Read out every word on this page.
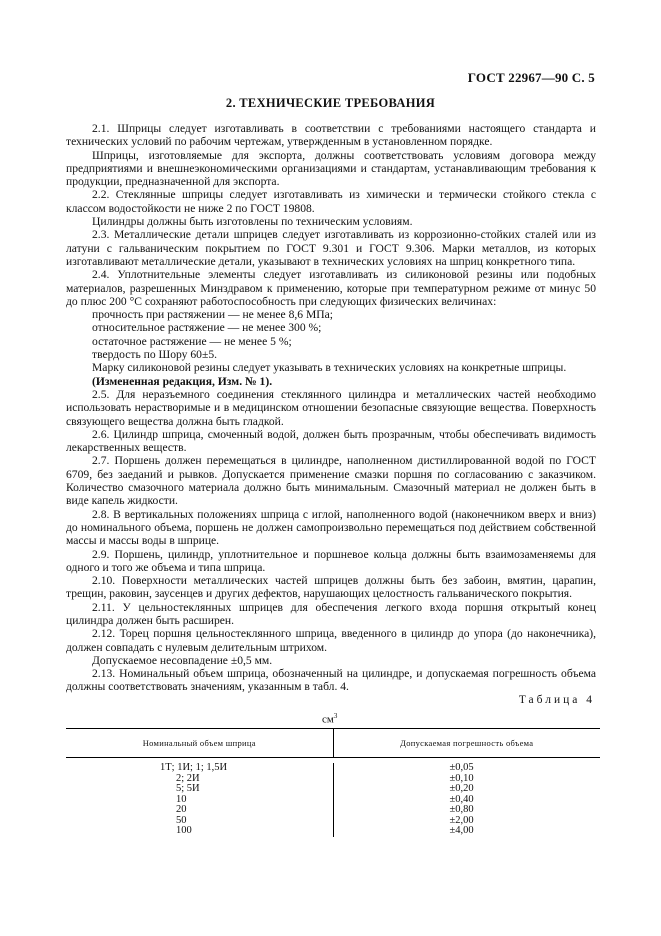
ГОСТ 22967—90 С. 5
2. ТЕХНИЧЕСКИЕ ТРЕБОВАНИЯ

2.1. Шприцы следует изготавливать в соответствии с требованиями настоящего стандарта и технических условий по рабочим чертежам, утвержденным в установленном порядке.

Шприцы, изготовляемые для экспорта, должны соответствовать условиям договора между предприятиями и внешнеэкономическими организациями и стандартам, устанавливающим требования к продукции, предназначенной для экспорта.

2.2. Стеклянные шприцы следует изготавливать из химически и термически стойкого стекла с классом водостойкости не ниже 2 по ГОСТ 19808.

Цилиндры должны быть изготовлены по техническим условиям.

2.3. Металлические детали шприцев следует изготавливать из коррозионно-стойких сталей или из латуни с гальваническим покрытием по ГОСТ 9.301 и ГОСТ 9.306. Марки металлов, из которых изготавливают металлические детали, указывают в технических условиях на шприц конкретного типа.

2.4. Уплотнительные элементы следует изготавливать из силиконовой резины или подобных материалов, разрешенных Минздравом к применению, которые при температурном режиме от минус 50 до плюс 200 °С сохраняют работоспособность при следующих физических величинах:

прочность при растяжении — не менее 8,6 МПа;

относительное растяжение — не менее 300 %;

остаточное растяжение — не менее 5 %;

твердость по Шору 60±5.

Марку силиконовой резины следует указывать в технических условиях на конкретные шприцы.

(Измененная редакция, Изм. № 1).

2.5. Для неразъемного соединения стеклянного цилиндра и металлических частей необходимо использовать нерастворимые и в медицинском отношении безопасные связующие вещества. Поверхность связующего вещества должна быть гладкой.

2.6. Цилиндр шприца, смоченный водой, должен быть прозрачным, чтобы обеспечивать видимость лекарственных веществ.

2.7. Поршень должен перемещаться в цилиндре, наполненном дистиллированной водой по ГОСТ 6709, без заеданий и рывков. Допускается применение смазки поршня по согласованию с заказчиком. Количество смазочного материала должно быть минимальным. Смазочный материал не должен быть в виде капель жидкости.

2.8. В вертикальных положениях шприца с иглой, наполненного водой (наконечником вверх и вниз) до номинального объема, поршень не должен самопроизвольно перемещаться под действием собственной массы и массы воды в шприце.

2.9. Поршень, цилиндр, уплотнительное и поршневое кольца должны быть взаимозаменяемы для одного и того же объема и типа шприца.

2.10. Поверхности металлических частей шприцев должны быть без забоин, вмятин, царапин, трещин, раковин, заусенцев и других дефектов, нарушающих целостность гальванического покрытия.

2.11. У цельностеклянных шприцев для обеспечения легкого входа поршня открытый конец цилиндра должен быть расширен.

2.12. Торец поршня цельностеклянного шприца, введенного в цилиндр до упора (до наконечника), должен совпадать с нулевым делительным штрихом.

Допускаемое несовпадение ±0,5 мм.

2.13. Номинальный объем шприца, обозначенный на цилиндре, и допускаемая погрешность объема должны соответствовать значениям, указанным в табл. 4.

Таблица 4
$см^3$
Номинальный объем шприца	Допускаемая погрешность объема
1Т; 1И; 1; 1,5И
2; 2И
5; 5И
10
20
50
100
±0,05
±0,10
±0,20
±0,40
±0,80
±2,00
±4,00
